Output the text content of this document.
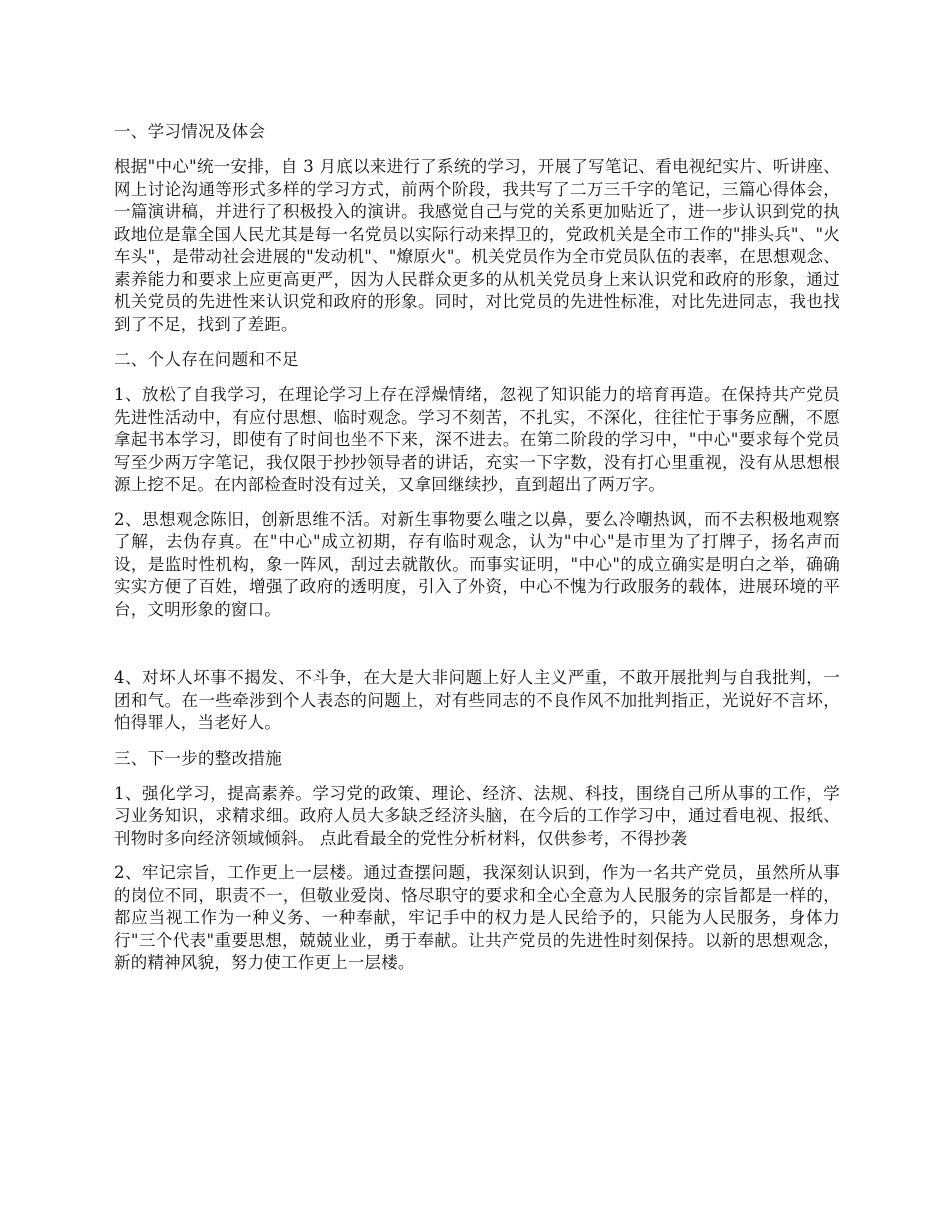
一、学习情况及体会

根据"中心"统一安排，自 3 月底以来进行了系统的学习，开展了写笔记、看电视纪实片、听讲座、网上讨论沟通等形式多样的学习方式，前两个阶段，我共写了二万三千字的笔记，三篇心得体会，一篇演讲稿，并进行了积极投入的演讲。我感觉自己与党的关系更加贴近了，进一步认识到党的执政地位是靠全国人民尤其是每一名党员以实际行动来捍卫的，党政机关是全市工作的"排头兵"、"火车头"，是带动社会进展的"发动机"、"燎原火"。机关党员作为全市党员队伍的表率，在思想观念、素养能力和要求上应更高更严，因为人民群众更多的从机关党员身上来认识党和政府的形象，通过机关党员的先进性来认识党和政府的形象。同时，对比党员的先进性标准，对比先进同志，我也找到了不足，找到了差距。

二、个人存在问题和不足

1、放松了自我学习，在理论学习上存在浮燥情绪，忽视了知识能力的培育再造。在保持共产党员先进性活动中，有应付思想、临时观念。学习不刻苦，不扎实，不深化，往往忙于事务应酬，不愿拿起书本学习，即使有了时间也坐不下来，深不进去。在第二阶段的学习中，"中心"要求每个党员写至少两万字笔记，我仅限于抄抄领导者的讲话，充实一下字数，没有打心里重视，没有从思想根源上挖不足。在内部检查时没有过关，又拿回继续抄，直到超出了两万字。

2、思想观念陈旧，创新思维不活。对新生事物要么嗤之以鼻，要么冷嘲热讽，而不去积极地观察了解，去伪存真。在"中心"成立初期，存有临时观念，认为"中心"是市里为了打牌子，扬名声而设，是监时性机构，象一阵风，刮过去就散伙。而事实证明，"中心"的成立确实是明白之举，确确实实方便了百姓，增强了政府的透明度，引入了外资，中心不愧为行政服务的载体，进展环境的平台，文明形象的窗口。

4、对坏人坏事不揭发、不斗争，在大是大非问题上好人主义严重，不敢开展批判与自我批判，一团和气。在一些牵涉到个人表态的问题上，对有些同志的不良作风不加批判指正，光说好不言坏，怕得罪人，当老好人。

三、下一步的整改措施

1、强化学习，提高素养。学习党的政策、理论、经济、法规、科技，围绕自己所从事的工作，学习业务知识，求精求细。政府人员大多缺乏经济头脑，在今后的工作学习中，通过看电视、报纸、刊物时多向经济领域倾斜。 点此看最全的党性分析材料，仅供参考，不得抄袭

2、牢记宗旨，工作更上一层楼。通过查摆问题，我深刻认识到，作为一名共产党员，虽然所从事的岗位不同，职责不一，但敬业爱岗、恪尽职守的要求和全心全意为人民服务的宗旨都是一样的，都应当视工作为一种义务、一种奉献，牢记手中的权力是人民给予的，只能为人民服务，身体力行"三个代表"重要思想，兢兢业业，勇于奉献。让共产党员的先进性时刻保持。以新的思想观念，新的精神风貌，努力使工作更上一层楼。
